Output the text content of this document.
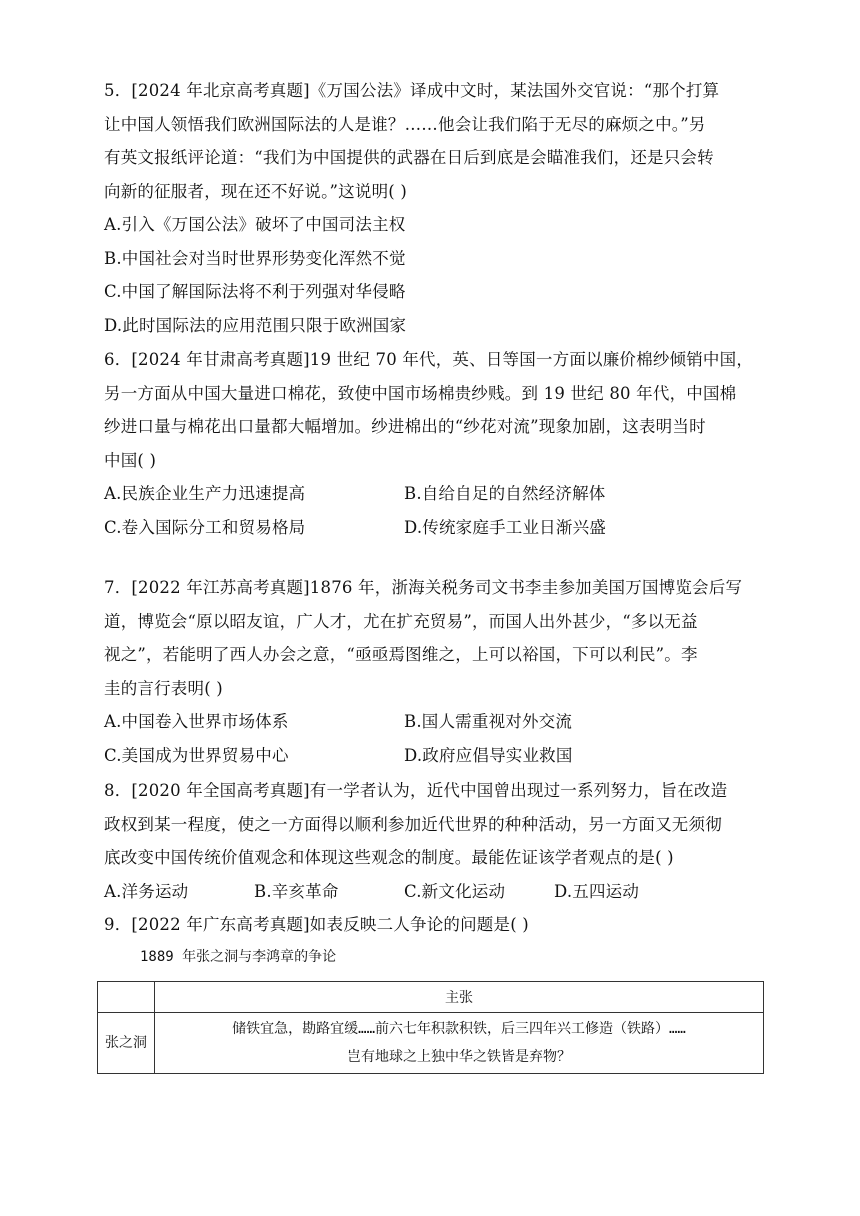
5．[2024 年北京高考真题]《万国公法》译成中文时，某法国外交官说：“那个打算

让中国人领悟我们欧洲国际法的人是谁？……他会让我们陷于无尽的麻烦之中。”另

有英文报纸评论道：“我们为中国提供的武器在日后到底是会瞄准我们，还是只会转

向新的征服者，现在还不好说。”这说明( )

A.引入《万国公法》破坏了中国司法主权

B.中国社会对当时世界形势变化浑然不觉

C.中国了解国际法将不利于列强对华侵略

D.此时国际法的应用范围只限于欧洲国家

6．[2024 年甘肃高考真题]19 世纪 70 年代，英、日等国一方面以廉价棉纱倾销中国，

另一方面从中国大量进口棉花，致使中国市场棉贵纱贱。到 19 世纪 80 年代，中国棉

纱进口量与棉花出口量都大幅增加。纱进棉出的“纱花对流”现象加剧，这表明当时

中国( )

A.民族企业生产力迅速提高	B.自给自足的自然经济解体
C.卷入国际分工和贸易格局	D.传统家庭手工业日渐兴盛

7．[2022 年江苏高考真题]1876 年，浙海关税务司文书李圭参加美国万国博览会后写

道，博览会“原以昭友谊，广人才，尤在扩充贸易”，而国人出外甚少，“多以无益

视之”，若能明了西人办会之意，“亟亟焉图维之，上可以裕国，下可以利民”。李

圭的言行表明( )

A.中国卷入世界市场体系	B.国人需重视对外交流
C.美国成为世界贸易中心	D.政府应倡导实业救国

8．[2020 年全国高考真题]有一学者认为，近代中国曾出现过一系列努力，旨在改造

政权到某一程度，使之一方面得以顺利参加近代世界的种种活动，另一方面又无须彻

底改变中国传统价值观念和体现这些观念的制度。最能佐证该学者观点的是( )

A.洋务运动	B.辛亥革命	C.新文化运动	D.五四运动

9．[2022 年广东高考真题]如表反映二人争论的问题是( )

1889 年张之洞与李鸿章的争论
	主张
张之洞	储铁宜急，勘路宜缓……前六七年积款积铁，后三四年兴工修造（铁路）……
岂有地球之上独中华之铁皆是弃物？
